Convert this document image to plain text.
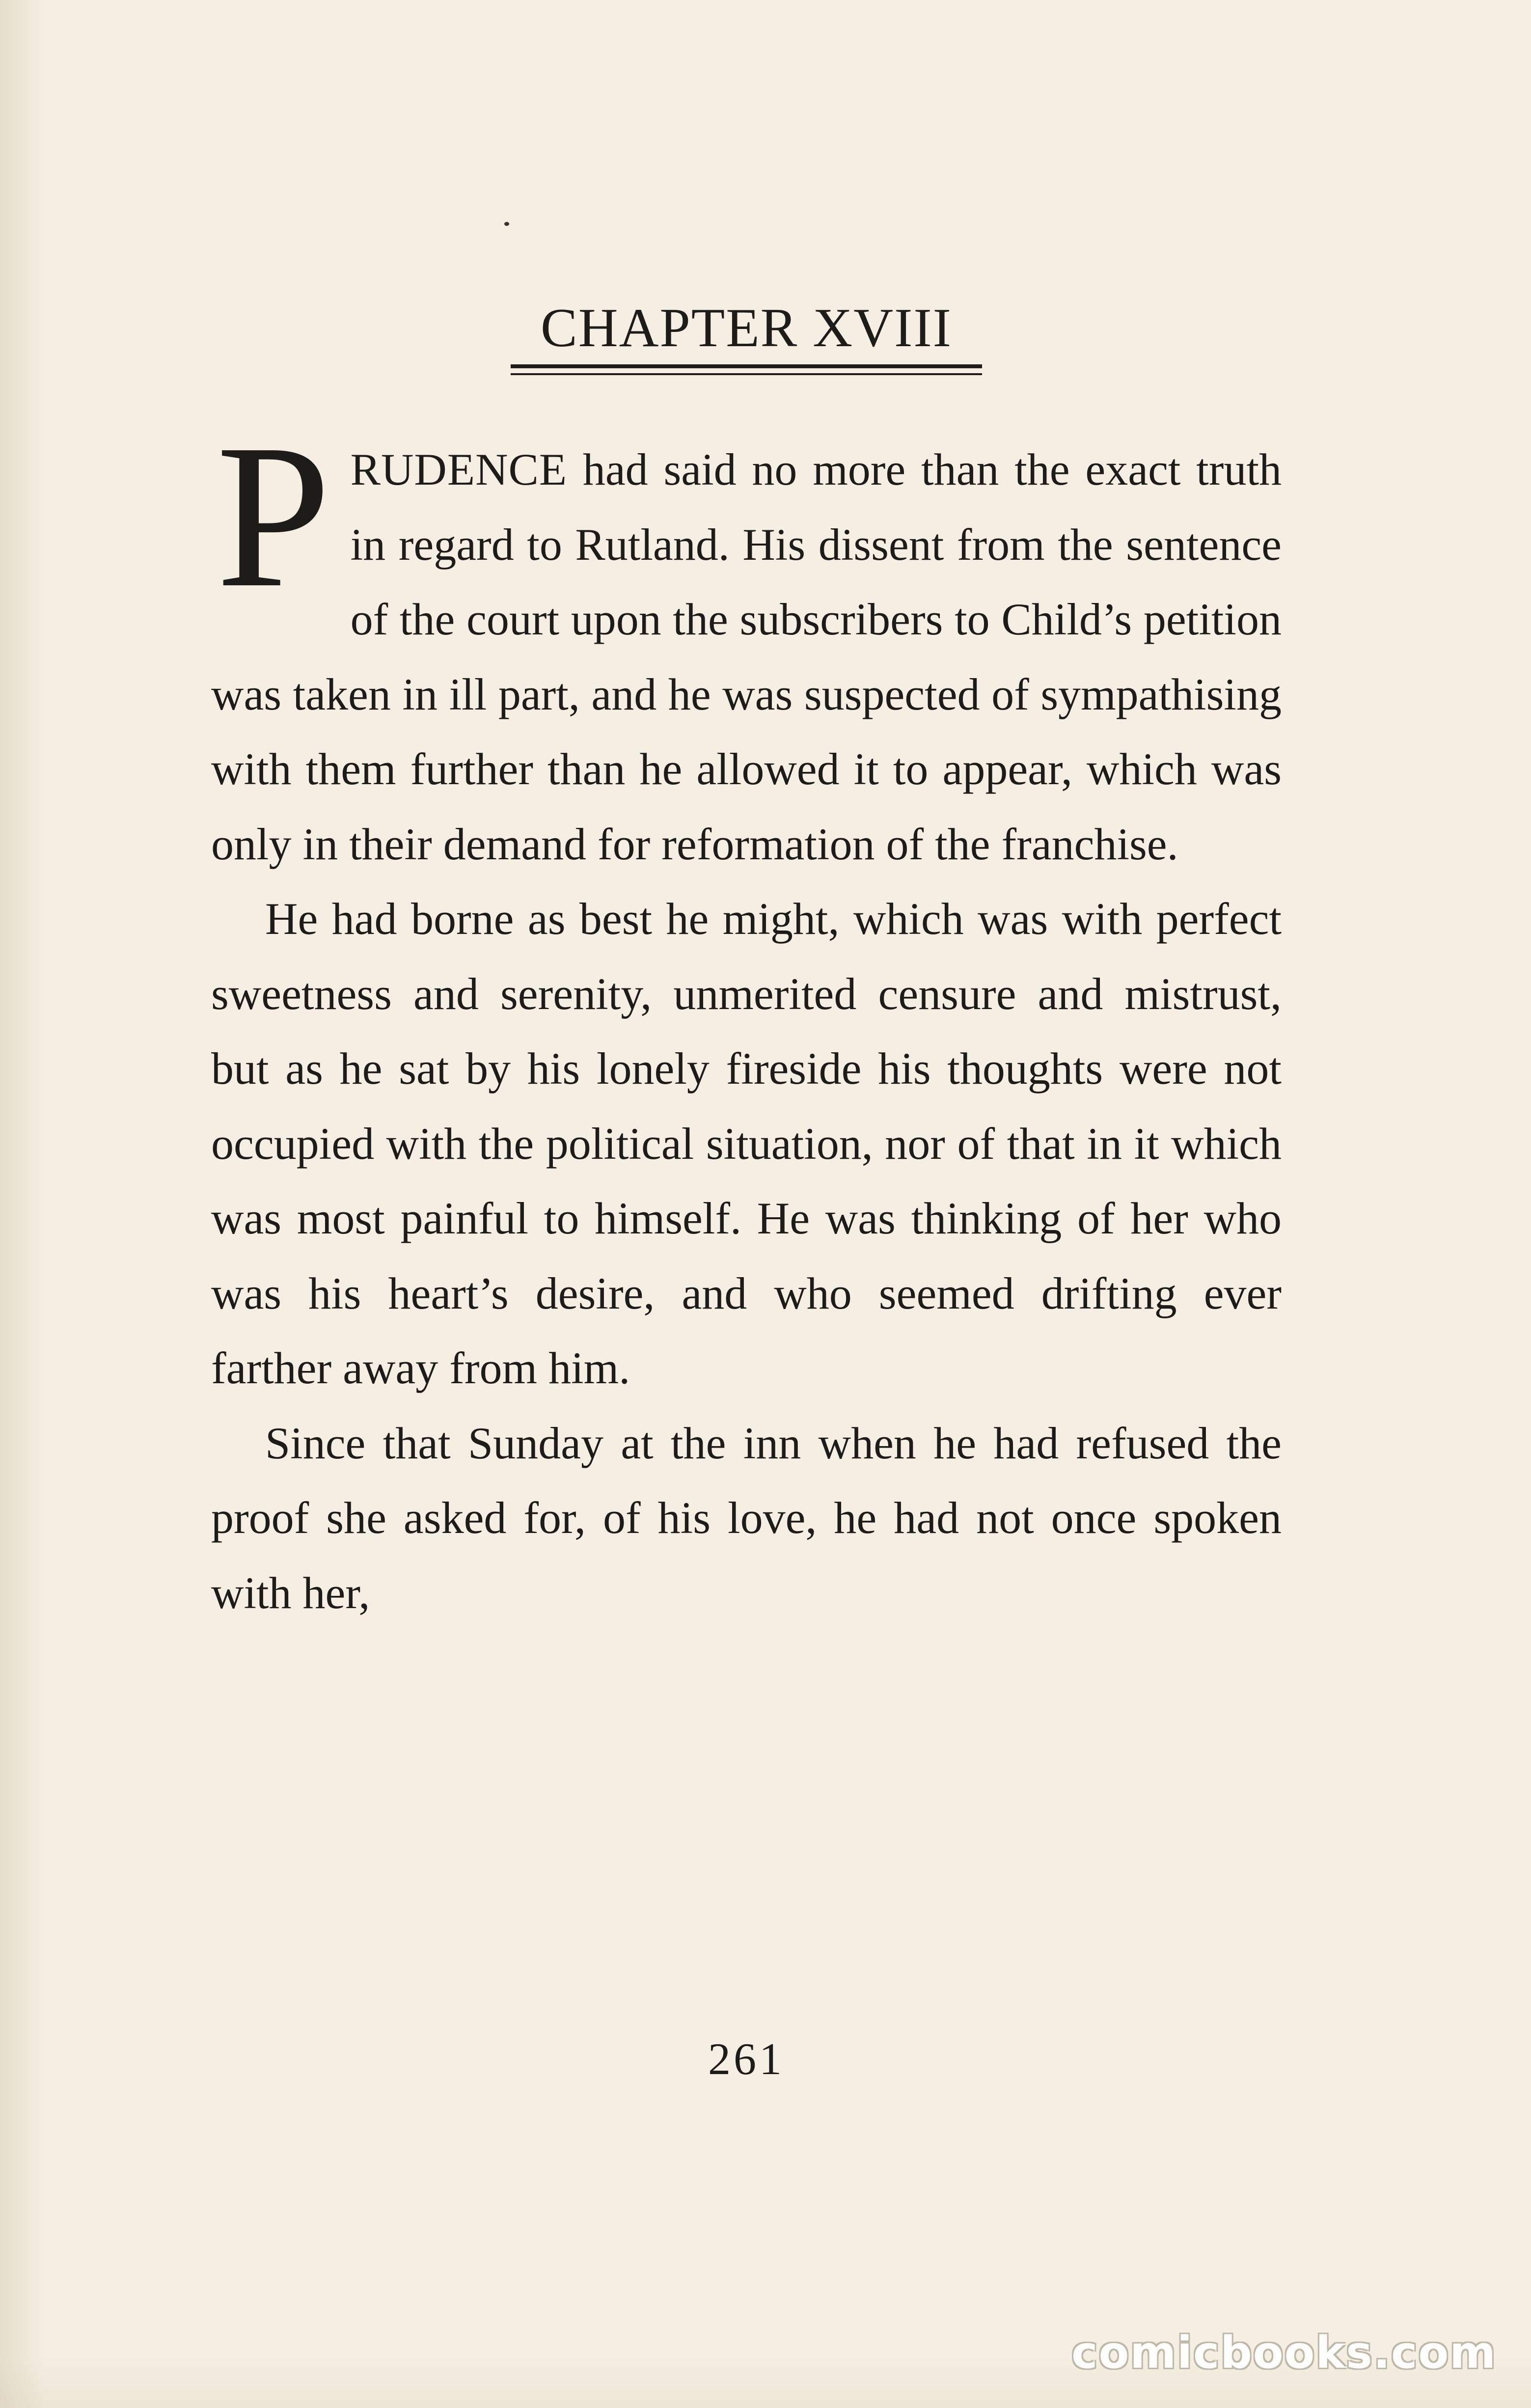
CHAPTER XVIII

PRUDENCE had said no more than the exact truth in regard to Rutland. His dissent from the sentence of the court upon the subscribers to Child’s petition was taken in ill part, and he was suspected of sympathising with them further than he allowed it to appear, which was only in their demand for reformation of the franchise.

He had borne as best he might, which was with perfect sweetness and serenity, unmerited censure and mistrust, but as he sat by his lonely fireside his thoughts were not occupied with the political situation, nor of that in it which was most painful to himself. He was thinking of her who was his heart’s desire, and who seemed drifting ever farther away from him.

Since that Sunday at the inn when he had refused the proof she asked for, of his love, he had not once spoken with her,

261
comicbooks.com
